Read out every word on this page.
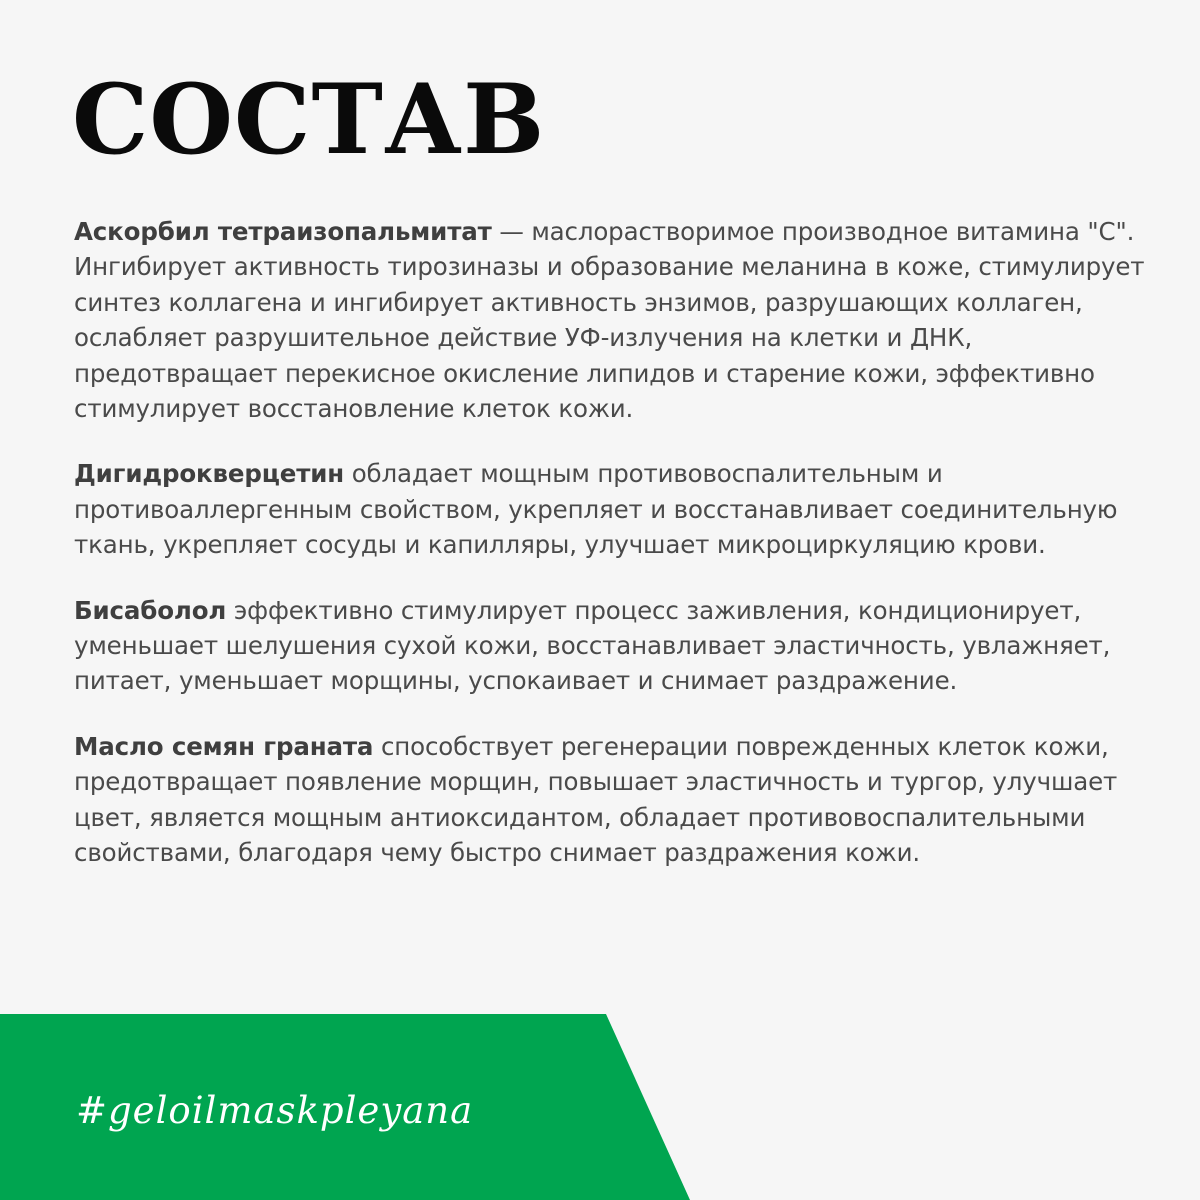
СОСТАВ

Аскорбил тетраизопальмитат — маслорастворимое производное витамина "С". Ингибирует активность тирозиназы и образование меланина в коже, стимулирует синтез коллагена и ингибирует активность энзимов, разрушающих коллаген, ослабляет разрушительное действие УФ-излучения на клетки и ДНК, предотвращает перекисное окисление липидов и старение кожи, эффективно стимулирует восстановление клеток кожи.

Дигидрокверцетин обладает мощным противовоспалительным и противоаллергенным свойством, укрепляет и восстанавливает соединительную ткань, укрепляет сосуды и капилляры, улучшает микроциркуляцию крови.

Бисаболол эффективно стимулирует процесс заживления, кондиционирует, уменьшает шелушения сухой кожи, восстанавливает эластичность, увлажняет, питает, уменьшает морщины, успокаивает и снимает раздражение.

Масло семян граната способствует регенерации поврежденных клеток кожи, предотвращает появление морщин, повышает эластичность и тургор, улучшает цвет, является мощным антиоксидантом, обладает противовоспалительными свойствами, благодаря чему быстро снимает раздражения кожи.

#geloilmaskpleyana
